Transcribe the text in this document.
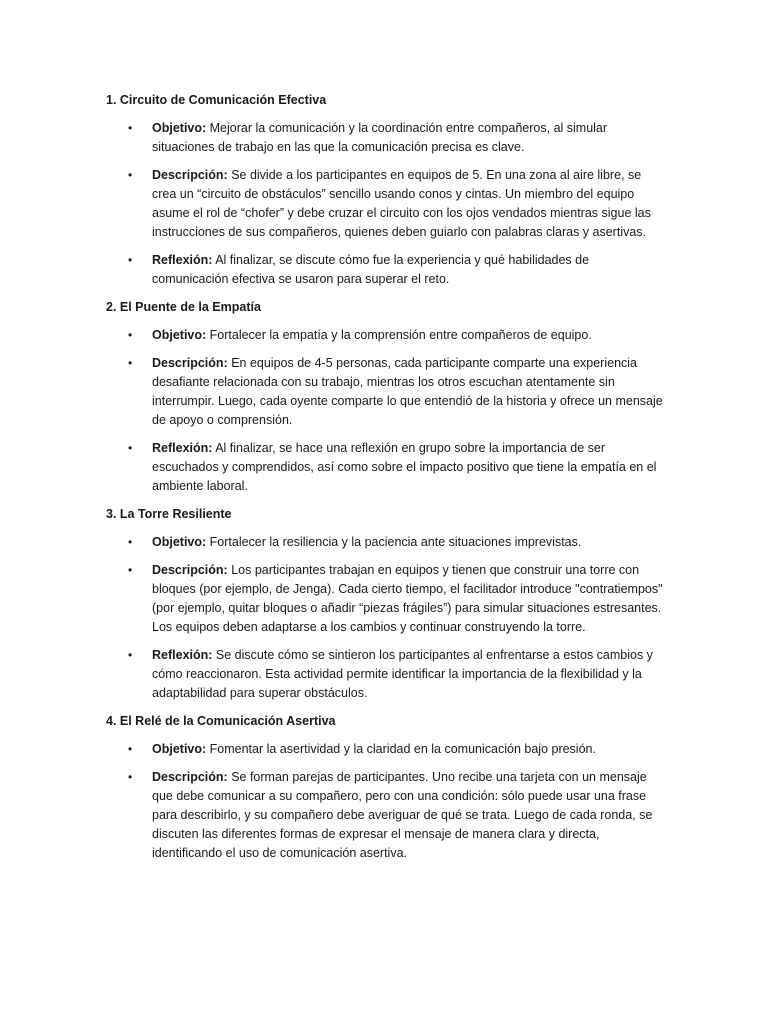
1. Circuito de Comunicación Efectiva
• Objetivo: Mejorar la comunicación y la coordinación entre compañeros, al simular situaciones de trabajo en las que la comunicación precisa es clave.
• Descripción: Se divide a los participantes en equipos de 5. En una zona al aire libre, se crea un “circuito de obstáculos” sencillo usando conos y cintas. Un miembro del equipo asume el rol de “chofer” y debe cruzar el circuito con los ojos vendados mientras sigue las instrucciones de sus compañeros, quienes deben guiarlo con palabras claras y asertivas.
• Reflexión: Al finalizar, se discute cómo fue la experiencia y qué habilidades de comunicación efectiva se usaron para superar el reto.
2. El Puente de la Empatía
• Objetivo: Fortalecer la empatía y la comprensión entre compañeros de equipo.
• Descripción: En equipos de 4-5 personas, cada participante comparte una experiencia desafiante relacionada con su trabajo, mientras los otros escuchan atentamente sin interrumpir. Luego, cada oyente comparte lo que entendió de la historia y ofrece un mensaje de apoyo o comprensión.
• Reflexión: Al finalizar, se hace una reflexión en grupo sobre la importancia de ser escuchados y comprendidos, así como sobre el impacto positivo que tiene la empatía en el ambiente laboral.
3. La Torre Resiliente
• Objetivo: Fortalecer la resiliencia y la paciencia ante situaciones imprevistas.
• Descripción: Los participantes trabajan en equipos y tienen que construir una torre con bloques (por ejemplo, de Jenga). Cada cierto tiempo, el facilitador introduce "contratiempos" (por ejemplo, quitar bloques o añadir “piezas frágiles”) para simular situaciones estresantes. Los equipos deben adaptarse a los cambios y continuar construyendo la torre.
• Reflexión: Se discute cómo se sintieron los participantes al enfrentarse a estos cambios y cómo reaccionaron. Esta actividad permite identificar la importancia de la flexibilidad y la adaptabilidad para superar obstáculos.
4. El Relé de la Comunicación Asertiva
• Objetivo: Fomentar la asertividad y la claridad en la comunicación bajo presión.
• Descripción: Se forman parejas de participantes. Uno recibe una tarjeta con un mensaje que debe comunicar a su compañero, pero con una condición: sólo puede usar una frase para describirlo, y su compañero debe averiguar de qué se trata. Luego de cada ronda, se discuten las diferentes formas de expresar el mensaje de manera clara y directa, identificando el uso de comunicación asertiva.
